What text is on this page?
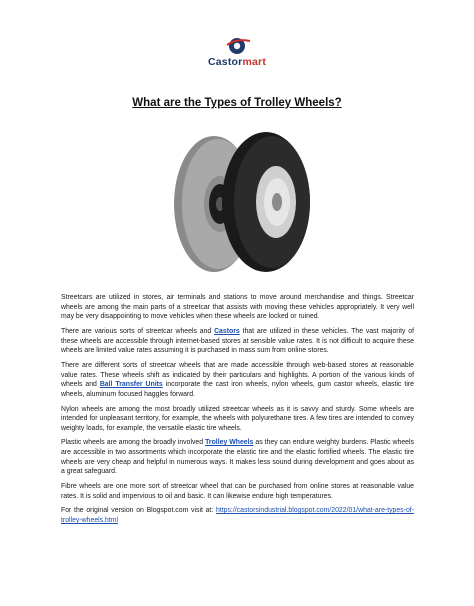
Castormart
What are the Types of Trolley Wheels?

Streetcars are utilized in stores, air terminals and stations to move around merchandise and things. Streetcar wheels are among the main parts of a streetcar that assists with moving these vehicles appropriately. It very well may be very disappointing to move vehicles when these wheels are locked or ruined.

There are various sorts of streetcar wheels and Castors that are utilized in these vehicles. The vast majority of these wheels are accessible through internet-based stores at sensible value rates. It is not difficult to acquire these wheels are limited value rates assuming it is purchased in mass sum from online stores.

There are different sorts of streetcar wheels that are made accessible through web-based stores at reasonable value rates. These wheels shift as indicated by their particulars and highlights. A portion of the various kinds of wheels and Ball Transfer Units incorporate the cast iron wheels, nylon wheels, gum castor wheels, elastic tire wheels, aluminum focused haggles forward.

Nylon wheels are among the most broadly utilized streetcar wheels as it is savvy and sturdy. Some wheels are intended for unpleasant territory, for example, the wheels with polyurethane tires. A few tires are intended to convey weighty loads, for example, the versatile elastic tire wheels.

Plastic wheels are among the broadly involved Trolley Wheels as they can endure weighty burdens. Plastic wheels are accessible in two assortments which incorporate the elastic tire and the elastic fortified wheels. The elastic tire wheels are very cheap and helpful in numerous ways. It makes less sound during development and goes about as a great safeguard.

Fibre wheels are one more sort of streetcar wheel that can be purchased from online stores at reasonable value rates. It is solid and impervious to oil and basic. It can likewise endure high temperatures.

For the original version on Blogspot.com visit at: https://castorsindustrial.blogspot.com/2022/01/what-are-types-of-trolley-wheels.html
